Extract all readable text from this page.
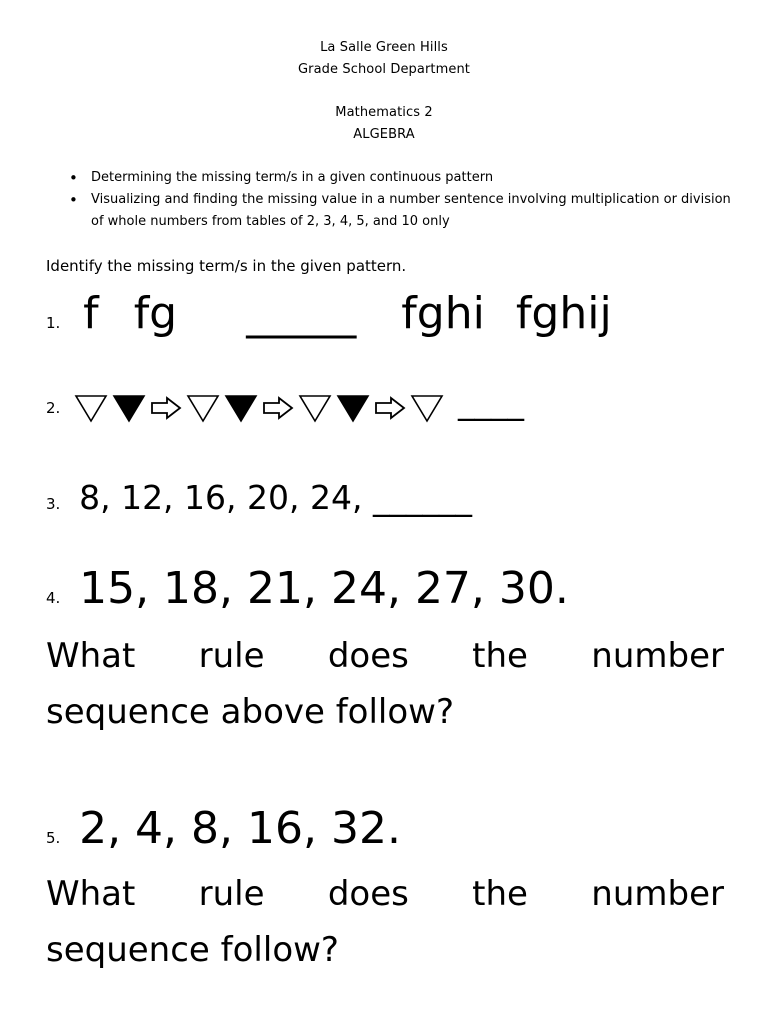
La Salle Green Hills
Grade School Department
Mathematics 2
ALGEBRA
• Determining the missing term/s in a given continuous pattern
• Visualizing and finding the missing value in a number sentence involving multiplication or division of whole numbers from tables of 2, 3, 4, 5, and 10 only
Identify the missing term/s in the given pattern.
1. f fg _____ fghi fghij
2.	____
3. 8, 12, 16, 20, 24, ______
4. 15, 18, 21, 24, 27, 30.
What rule does the number
sequence above follow?
5. 2, 4, 8, 16, 32.
What rule does the number
sequence follow?
